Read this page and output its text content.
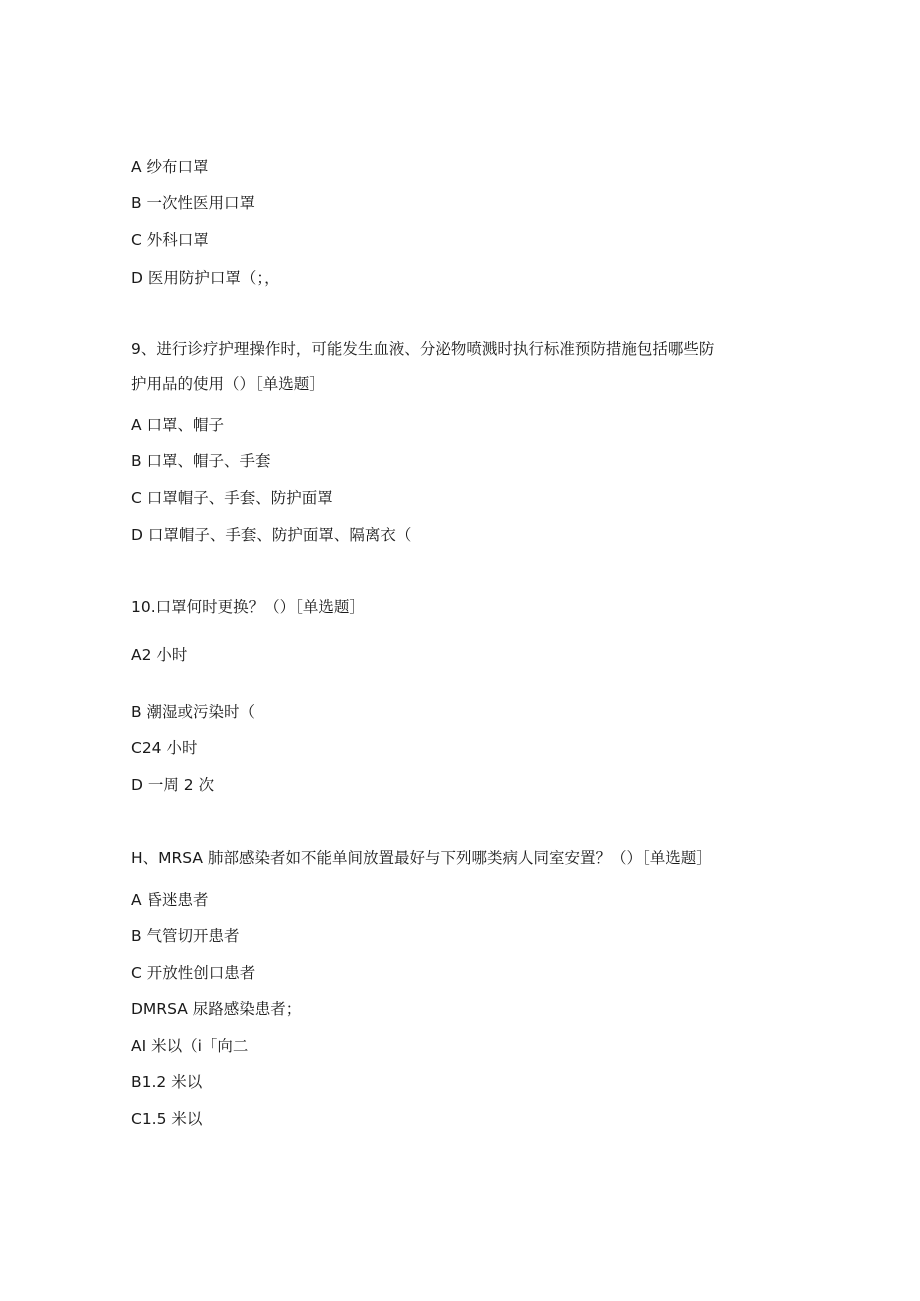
A 纱布口罩
B 一次性医用口罩
C 外科口罩
D 医用防护口罩（；，
9、进行诊疗护理操作时，可能发生血液、分泌物喷溅时执行标准预防措施包括哪些防
护用品的使用（）［单选题］
A 口罩、帽子
B 口罩、帽子、手套
C 口罩帽子、手套、防护面罩
D 口罩帽子、手套、防护面罩、隔离衣（
10.口罩何时更换？（）［单选题］
A2 小时
B 潮湿或污染时（
C24 小时
D 一周 2 次
H、MRSA 肺部感染者如不能单间放置最好与下列哪类病人同室安置？（）［单选题］
A 昏迷患者
B 气管切开患者
C 开放性创口患者
DMRSA 尿路感染患者；
AI 米以（i「向二
B1.2 米以
C1.5 米以
